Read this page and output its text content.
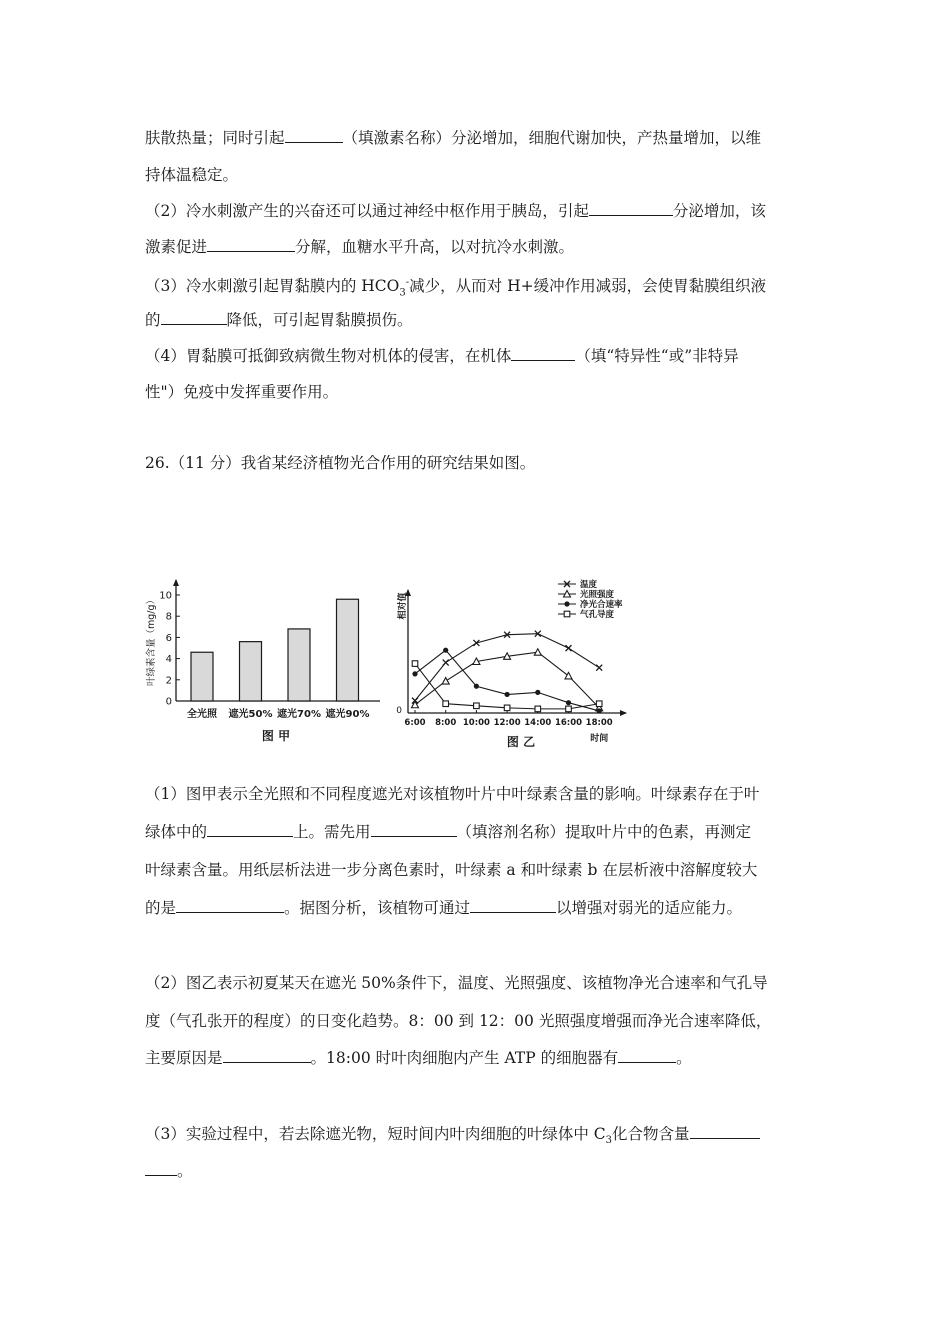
肤散热量；同时引起	（填激素名称）分泌增加，细胞代谢加快，产热量增加，以维
持体温稳定。
（2）冷水刺激产生的兴奋还可以通过神经中枢作用于胰岛，引起	分泌增加，该
激素促进	分解，血糖水平升高，以对抗冷水刺激。
（3）冷水刺激引起胃黏膜内的 $HCO_3^-$减少，从而对 H+缓冲作用减弱，会使胃黏膜组织液
的	降低，可引起胃黏膜损伤。
（4）胃黏膜可抵御致病微生物对机体的侵害，在机体	（填“特异性“或”非特异
性"）免疫中发挥重要作用。
26.（11 分）我省某经济植物光合作用的研究结果如图。
0
2
4
6
8
10
叶绿素含量（mg/g）
全光照 遮光50% 遮光70% 遮光90%
图 甲
相对值
0
6:00 8:00 10:00 12:00 14:00 16:00 18:00
时间
图 乙
温度
光照强度
净光合速率
气孔导度
（1）图甲表示全光照和不同程度遮光对该植物叶片中叶绿素含量的影响。叶绿素存在于叶
绿体中的	上。需先用	（填溶剂名称）提取叶片中的色素，再测定
叶绿素含量。用纸层析法进一步分离色素时，叶绿素 a 和叶绿素 b 在层析液中溶解度较大
的是	。据图分析，该植物可通过	以增强对弱光的适应能力。
（2）图乙表示初夏某天在遮光 50%条件下，温度、光照强度、该植物净光合速率和气孔导
度（气孔张开的程度）的日变化趋势。8：00 到 12：00 光照强度增强而净光合速率降低，
主要原因是	。18:00 时叶肉细胞内产生 ATP 的细胞器有	。
（3）实验过程中，若去除遮光物，短时间内叶肉细胞的叶绿体中 $C_3$化合物含量
。
